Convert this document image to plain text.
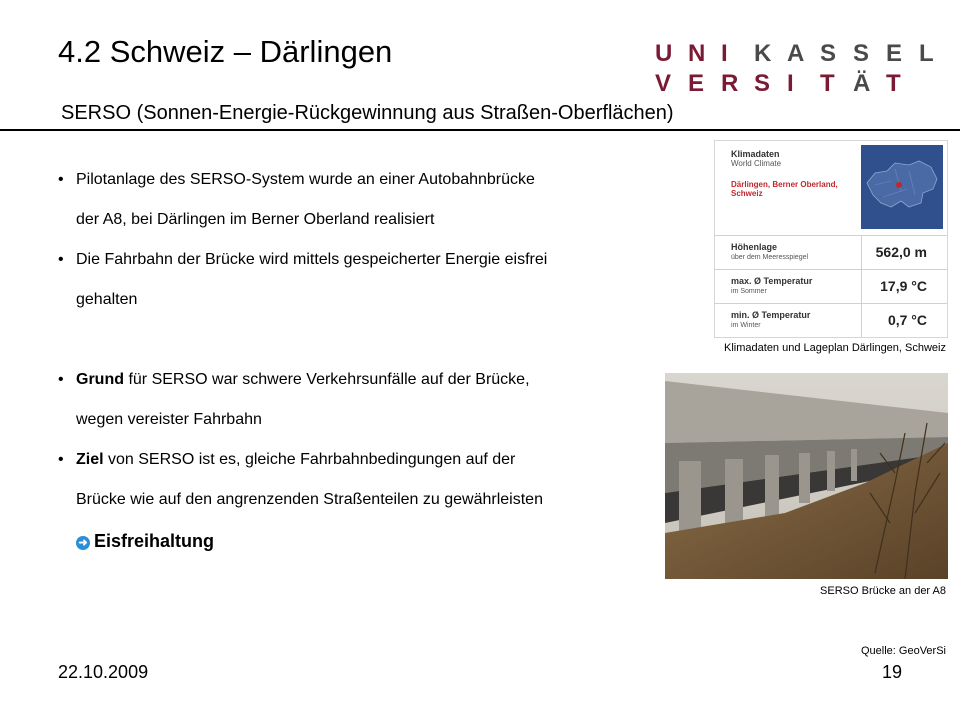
4.2 Schweiz – Därlingen	U N I	K A S S E L
V E R S I	T Ä T
SERSO (Sonnen-Energie-Rückgewinnung aus Straßen-Oberflächen)
• Pilotanlage des SERSO-System wurde an einer Autobahnbrücke
der A8, bei Därlingen im Berner Oberland realisiert
• Die Fahrbahn der Brücke wird mittels gespeicherter Energie eisfrei
gehalten
• Grund für SERSO war schwere Verkehrsunfälle auf der Brücke,
wegen vereister Fahrbahn
• Ziel von SERSO ist es, gleiche Fahrbahnbedingungen auf der
Brücke wie auf den angrenzenden Straßenteilen zu gewährleisten
➜ Eisfreihaltung
Klimadaten
World Climate
Därlingen, Berner Oberland, Schweiz
Höhenlage
über dem Meeresspiegel	562,0 m
max. Ø Temperatur
im Sommer	17,9 °C
min. Ø Temperatur
im Winter	0,7 °C
Klimadaten und Lageplan Därlingen, Schweiz
SERSO Brücke an der A8
Quelle: GeoVerSi
22.10.2009	19
